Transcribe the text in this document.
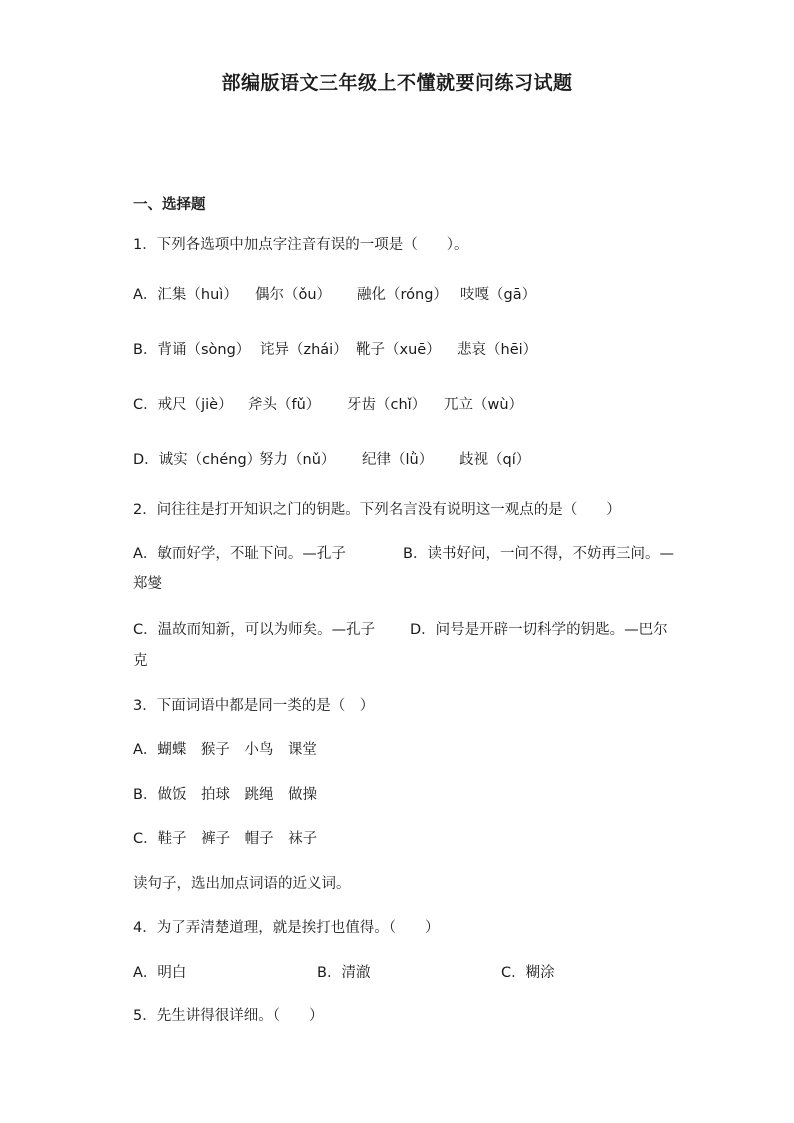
部编版语文三年级上不懂就要问练习试题
一、选择题
1．下列各选项中加点字注音有误的一项是（　　）。
A．汇集（huì） 偶尔（ǒu） 融化（róng） 吱嘎（gā）
B．背诵（sòng） 诧异（zhái） 靴子（xuē） 悲哀（hēi）
C．戒尺（jiè） 斧头（fǔ） 牙齿（chǐ） 兀立（wù）
D．诚实（chéng）
努力（nǔ） 纪律（lǜ） 歧视（qí）
2．问往往是打开知识之门的钥匙。下列名言没有说明这一观点的是（　　）
A．敏而好学，不耻下问。—孔子	B．读书好问，一问不得，不妨再三问。—
郑燮
C．温故而知新，可以为师矣。—孔子 D．问号是开辟一切科学的钥匙。—巴尔
克
3．下面词语中都是同一类的是（　）
A．蝴蝶　猴子　小鸟　课堂
B．做饭　拍球　跳绳　做操
C．鞋子　裤子　帽子　袜子
读句子，选出加点词语的近义词。
4．为了弄清楚道理，就是挨打也值得。（　　）
A．明白	B．清澈	C．糊涂
5．先生讲得很详细。（　　）
